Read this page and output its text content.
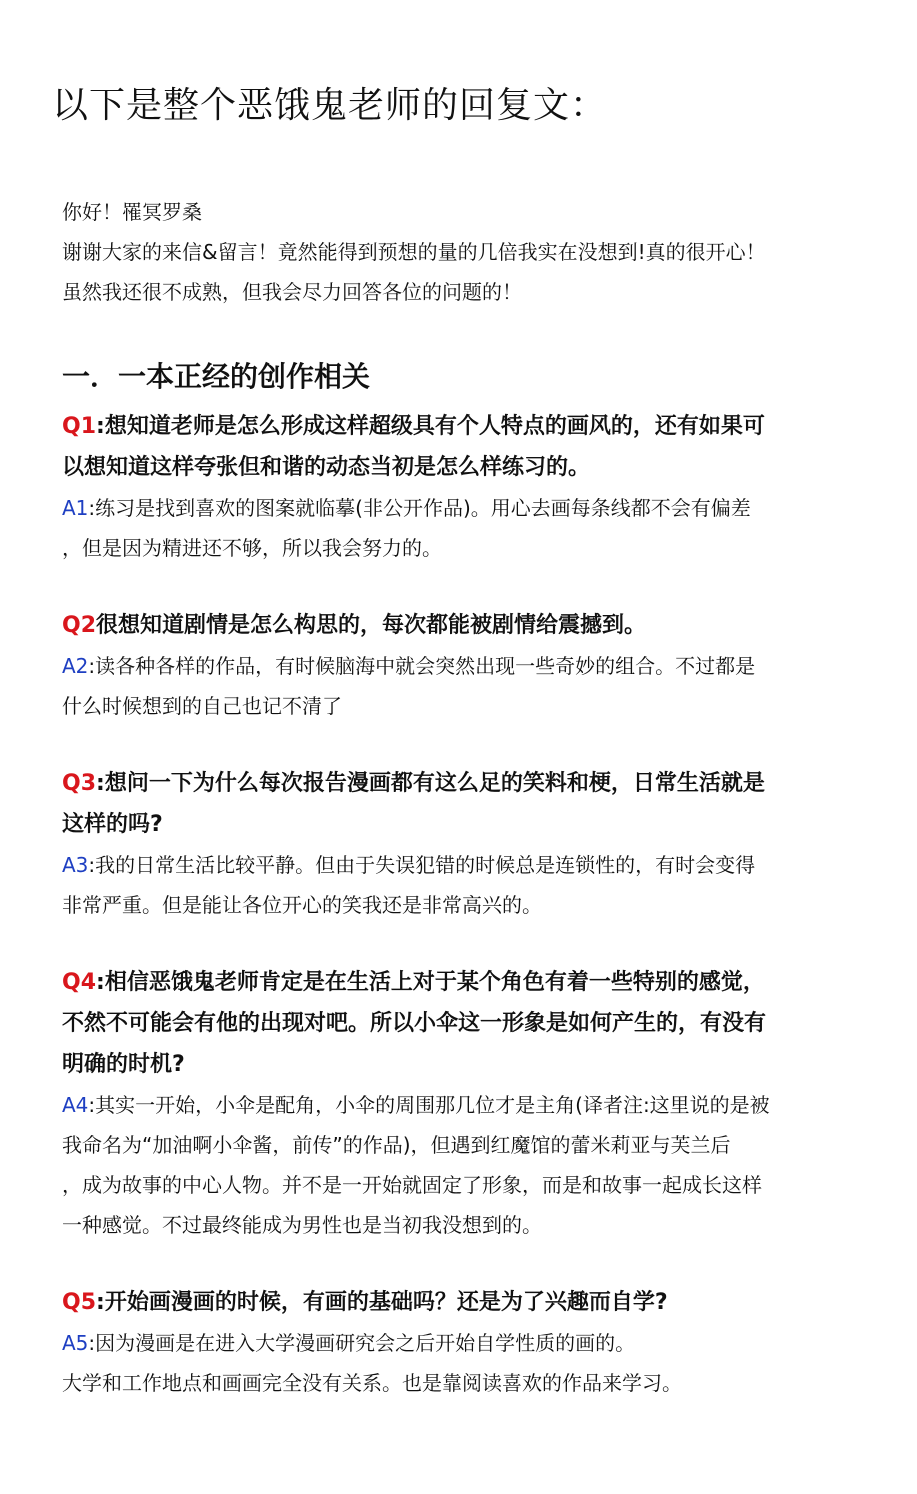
以下是整个恶饿鬼老师的回复文：
你好！罹冥罗桑
谢谢大家的来信&留言！竟然能得到预想的量的几倍我实在没想到!真的很开心！
虽然我还很不成熟，但我会尽力回答各位的问题的！
一．一本正经的创作相关

Q1:想知道老师是怎么形成这样超级具有个人特点的画风的，还有如果可
以想知道这样夸张但和谐的动态当初是怎么样练习的。

A1:练习是找到喜欢的图案就临摹(非公开作品)。用心去画每条线都不会有偏差
，但是因为精进还不够，所以我会努力的。

Q2很想知道剧情是怎么构思的，每次都能被剧情给震撼到。

A2:读各种各样的作品，有时候脑海中就会突然出现一些奇妙的组合。不过都是
什么时候想到的自己也记不清了

Q3:想问一下为什么每次报告漫画都有这么足的笑料和梗，日常生活就是
这样的吗?

A3:我的日常生活比较平静。但由于失误犯错的时候总是连锁性的，有时会变得
非常严重。但是能让各位开心的笑我还是非常高兴的。

Q4:相信恶饿鬼老师肯定是在生活上对于某个角色有着一些特别的感觉，
不然不可能会有他的出现对吧。所以小伞这一形象是如何产生的，有没有
明确的时机?

A4:其实一开始，小伞是配角，小伞的周围那几位才是主角(译者注:这里说的是被
我命名为“加油啊小伞酱，前传”的作品)，但遇到红魔馆的蕾米莉亚与芙兰后
，成为故事的中心人物。并不是一开始就固定了形象，而是和故事一起成长这样
一种感觉。不过最终能成为男性也是当初我没想到的。

Q5:开始画漫画的时候，有画的基础吗？还是为了兴趣而自学?

A5:因为漫画是在进入大学漫画研究会之后开始自学性质的画的。
大学和工作地点和画画完全没有关系。也是靠阅读喜欢的作品来学习。
